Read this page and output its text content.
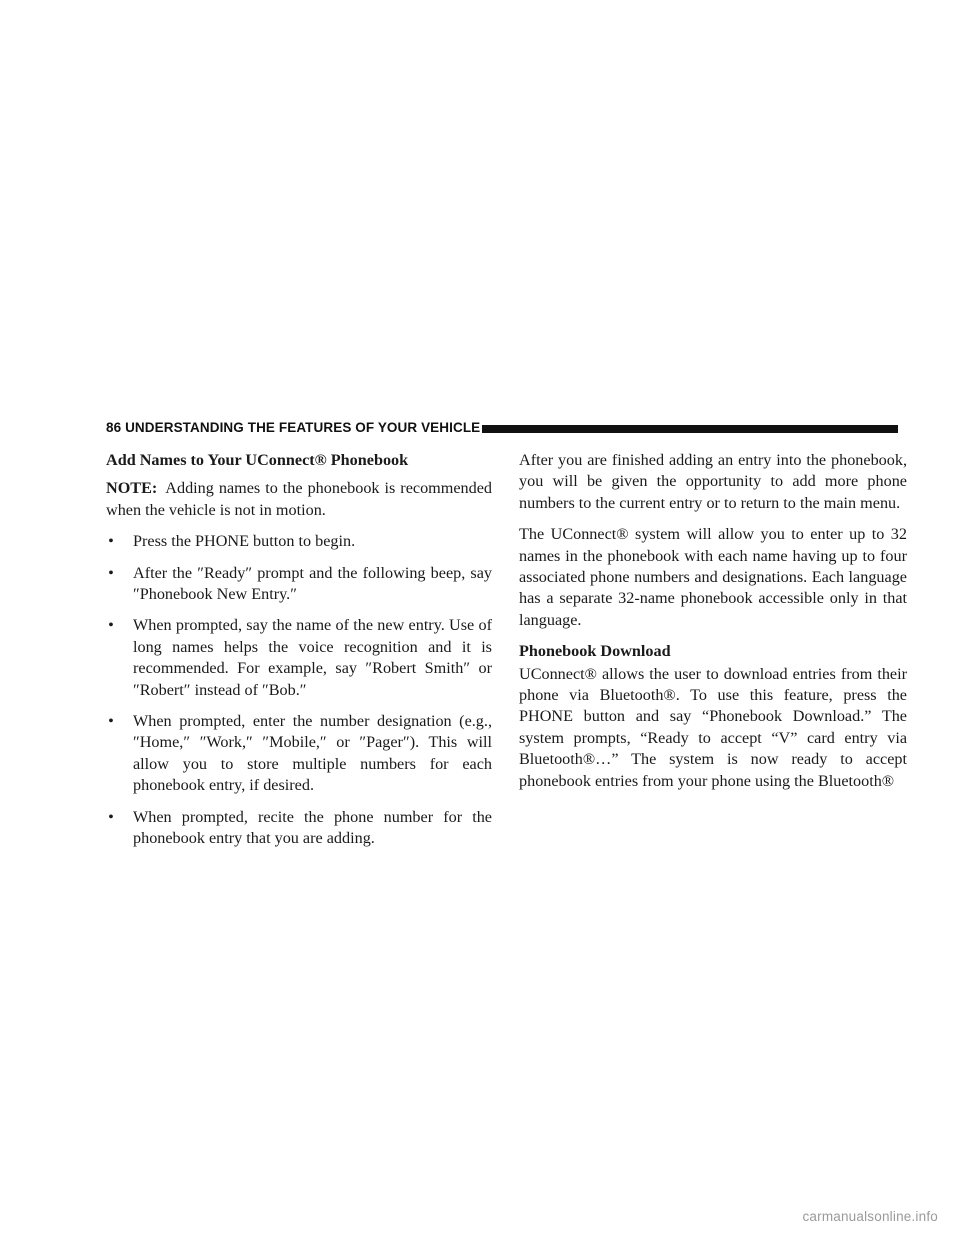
86 UNDERSTANDING THE FEATURES OF YOUR VEHICLE
Add Names to Your UConnect® Phonebook

NOTE: Adding names to the phonebook is recommended when the vehicle is not in motion.

• Press the PHONE button to begin.
• After the ″Ready″ prompt and the following beep, say ″Phonebook New Entry.″
• When prompted, say the name of the new entry. Use of long names helps the voice recognition and it is recommended. For example, say ″Robert Smith″ or ″Robert″ instead of ″Bob.″
• When prompted, enter the number designation (e.g., ″Home,″ ″Work,″ ″Mobile,″ or ″Pager″). This will allow you to store multiple numbers for each phonebook entry, if desired.
• When prompted, recite the phone number for the phonebook entry that you are adding.

After you are finished adding an entry into the phonebook, you will be given the opportunity to add more phone numbers to the current entry or to return to the main menu.

The UConnect® system will allow you to enter up to 32 names in the phonebook with each name having up to four associated phone numbers and designations. Each language has a separate 32-name phonebook accessible only in that language.

Phonebook Download

UConnect® allows the user to download entries from their phone via Bluetooth®. To use this feature, press the PHONE button and say “Phonebook Download.” The system prompts, “Ready to accept “V” card entry via Bluetooth®…” The system is now ready to accept phonebook entries from your phone using the Bluetooth®

carmanualsonline.info
